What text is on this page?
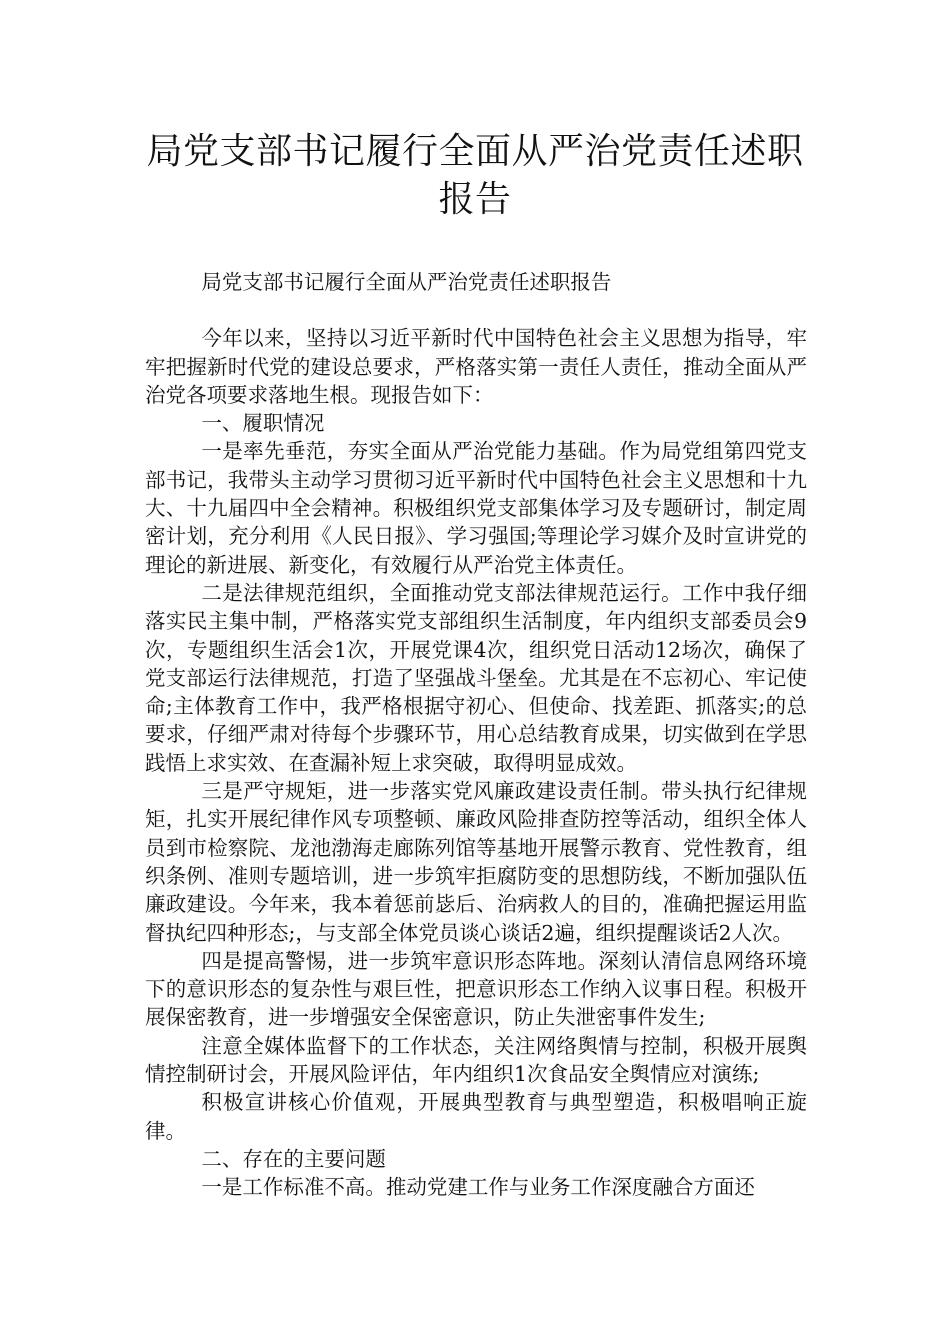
局党支部书记履行全面从严治党责任述职
报告

局党支部书记履行全面从严治党责任述职报告

今年以来，坚持以习近平新时代中国特色社会主义思想为指导，牢牢把握新时代党的建设总要求，严格落实第一责任人责任，推动全面从严治党各项要求落地生根。现报告如下：

一、履职情况

一是率先垂范，夯实全面从严治党能力基础。作为局党组第四党支部书记，我带头主动学习贯彻习近平新时代中国特色社会主义思想和十九大、十九届四中全会精神。积极组织党支部集体学习及专题研讨，制定周密计划，充分利用《人民日报》、学习强国;等理论学习媒介及时宣讲党的理论的新进展、新变化，有效履行从严治党主体责任。

二是法律规范组织，全面推动党支部法律规范运行。工作中我仔细落实民主集中制，严格落实党支部组织生活制度，年内组织支部委员会9次，专题组织生活会1次，开展党课4次，组织党日活动12场次，确保了党支部运行法律规范，打造了坚强战斗堡垒。尤其是在不忘初心、牢记使命;主体教育工作中，我严格根据守初心、但使命、找差距、抓落实;的总要求，仔细严肃对待每个步骤环节，用心总结教育成果，切实做到在学思践悟上求实效、在查漏补短上求突破，取得明显成效。

三是严守规矩，进一步落实党风廉政建设责任制。带头执行纪律规矩，扎实开展纪律作风专项整顿、廉政风险排查防控等活动，组织全体人员到市检察院、龙池渤海走廊陈列馆等基地开展警示教育、党性教育，组织条例、准则专题培训，进一步筑牢拒腐防变的思想防线，不断加强队伍廉政建设。今年来，我本着惩前毖后、治病救人的目的，准确把握运用监督执纪四种形态;，与支部全体党员谈心谈话2遍，组织提醒谈话2人次。

四是提高警惕，进一步筑牢意识形态阵地。深刻认清信息网络环境下的意识形态的复杂性与艰巨性，把意识形态工作纳入议事日程。积极开展保密教育，进一步增强安全保密意识，防止失泄密事件发生;

注意全媒体监督下的工作状态，关注网络舆情与控制，积极开展舆情控制研讨会，开展风险评估，年内组织1次食品安全舆情应对演练;

积极宣讲核心价值观，开展典型教育与典型塑造，积极唱响正旋律。

二、存在的主要问题

一是工作标准不高。推动党建工作与业务工作深度融合方面还
